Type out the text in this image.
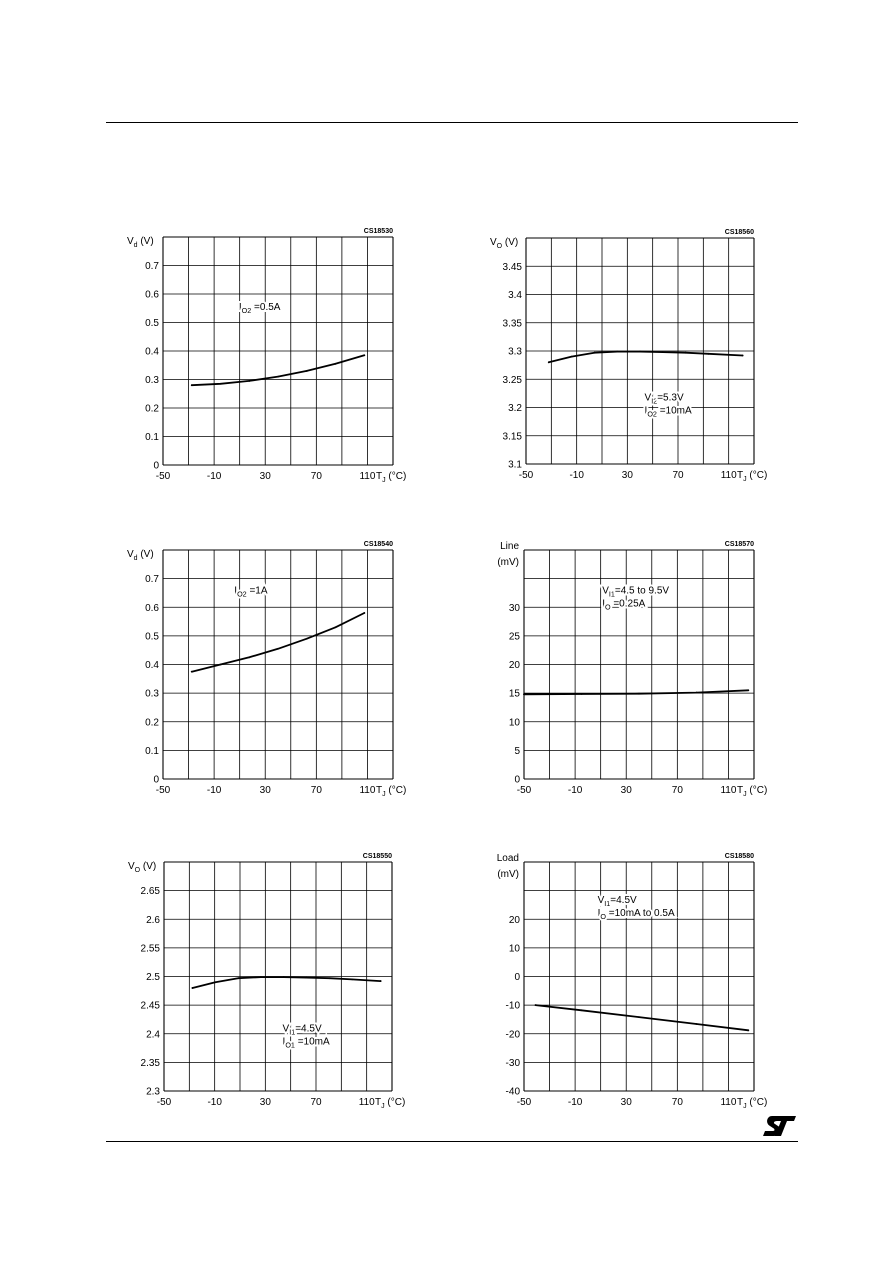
0
0.1
0.2
0.3
0.4
0.5
0.6
0.7
-50	-10	30	70	110 TJ (°C)
Vd (V)
CS18530
IO2 =0.5A
3.1
3.15
3.2
3.25
3.3
3.35
3.4
3.45
-50	-10	30	70	110 TJ (°C)
VO (V)
CS18560
VI2=5.3V
IO2 =10mA
0
0.1
0.2
0.3
0.4
0.5
0.6
0.7
-50	-10	30	70	110 TJ (°C)
Vd (V)
CS18540
IO2 =1A
0
5
10
15
20
25
30
-50	-10	30	70	110 TJ (°C)
Line
(mV)
CS18570
VI1=4.5 to 9.5V
IO =0.25A
2.3
2.35
2.4
2.45
2.5
2.55
2.6
2.65
-50	-10	30	70	110 TJ (°C)
VO (V)
CS18550
VI1=4.5V
IO1 =10mA
-40
-30
-20
-10
0
10
20
-50	-10	30	70	110 TJ (°C)
Load
(mV)
CS18580
VI1=4.5V
IO =10mA to 0.5A
